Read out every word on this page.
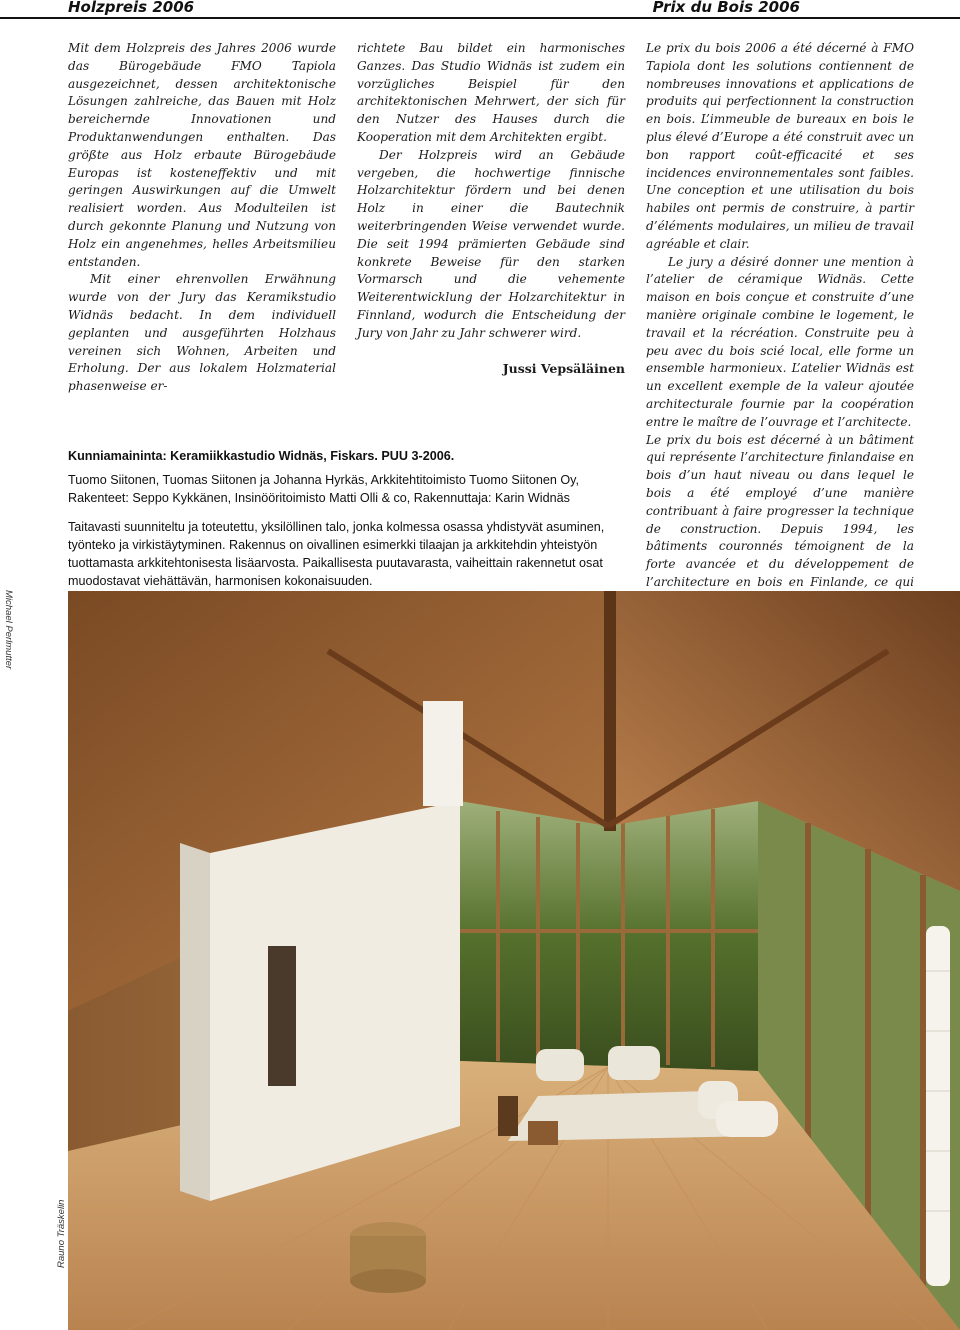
Holzpreis 2006	Prix du Bois 2006

Mit dem Holzpreis des Jahres 2006 wurde das Bürogebäude FMO Tapiola ausgezeichnet, dessen architektonische Lösungen zahlreiche, das Bauen mit Holz bereichernde Innovationen und Produktanwendungen enthalten. Das größte aus Holz erbaute Bürogebäude Europas ist kosteneffektiv und mit geringen Auswirkungen auf die Umwelt realisiert worden. Aus Modulteilen ist durch gekonnte Planung und Nutzung von Holz ein angenehmes, helles Arbeitsmilieu entstanden.

Mit einer ehrenvollen Erwähnung wurde von der Jury das Keramikstudio Widnäs bedacht. In dem individuell geplanten und ausgeführten Holzhaus vereinen sich Wohnen, Arbeiten und Erholung. Der aus lokalem Holzmaterial phasenweise er-

richtete Bau bildet ein harmonisches Ganzes. Das Studio Widnäs ist zudem ein vorzügliches Beispiel für den architektonischen Mehrwert, der sich für den Nutzer des Hauses durch die Kooperation mit dem Architekten ergibt.

Der Holzpreis wird an Gebäude vergeben, die hochwertige finnische Holzarchitektur fördern und bei denen Holz in einer die Bautechnik weiterbringenden Weise verwendet wurde. Die seit 1994 prämierten Gebäude sind konkrete Beweise für den starken Vormarsch und die vehemente Weiterentwicklung der Holzarchitektur in Finnland, wodurch die Entscheidung der Jury von Jahr zu Jahr schwerer wird.

Jussi Vepsäläinen

Le prix du bois 2006 a été décerné à FMO Tapiola dont les solutions contiennent de nombreuses innovations et applications de produits qui perfectionnent la construction en bois. L’immeuble de bureaux en bois le plus élevé d’Europe a été construit avec un bon rapport coût-efficacité et ses incidences environnementales sont faibles. Une conception et une utilisation du bois habiles ont permis de construire, à partir d’éléments modulaires, un milieu de travail agréable et clair.

Le jury a désiré donner une mention à l’atelier de céramique Widnäs. Cette maison en bois conçue et construite d’une manière originale combine le logement, le travail et la récréation. Construite peu à peu avec du bois scié local, elle forme un ensemble harmonieux. L’atelier Widnäs est un excellent exemple de la valeur ajoutée architecturale fournie par la coopération entre le maître de l’ouvrage et l’architecte.

Le prix du bois est décerné à un bâtiment qui représente l’architecture finlandaise en bois d’un haut niveau ou dans lequel le bois a été employé d’une manière contribuant à faire progresser la technique de construction. Depuis 1994, les bâtiments couronnés témoignent de la forte avancée et du développement de l’architecture en bois en Finlande, ce qui

Kunniamaininta: Keramiikkastudio Widnäs, Fiskars. PUU 3-2006.

Tuomo Siitonen, Tuomas Siitonen ja Johanna Hyrkäs, Arkkitehtitoimisto Tuomo Siitonen Oy, Rakenteet: Seppo Kykkänen, Insinööritoimisto Matti Olli & co, Rakennuttaja: Karin Widnäs

Taitavasti suunniteltu ja toteutettu, yksilöllinen talo, jonka kolmessa osassa yhdistyvät asuminen, työnteko ja virkistäytyminen. Rakennus on oivallinen esimerkki tilaajan ja arkkitehdin yhteistyön tuottamasta arkkitehtonisesta lisäarvosta. Paikallisesta puutavarasta, vaiheittain rakennetut osat muodostavat viehättävän, harmonisen kokonaisuuden.

Michael Perlmutter
Rauno Träskelin
